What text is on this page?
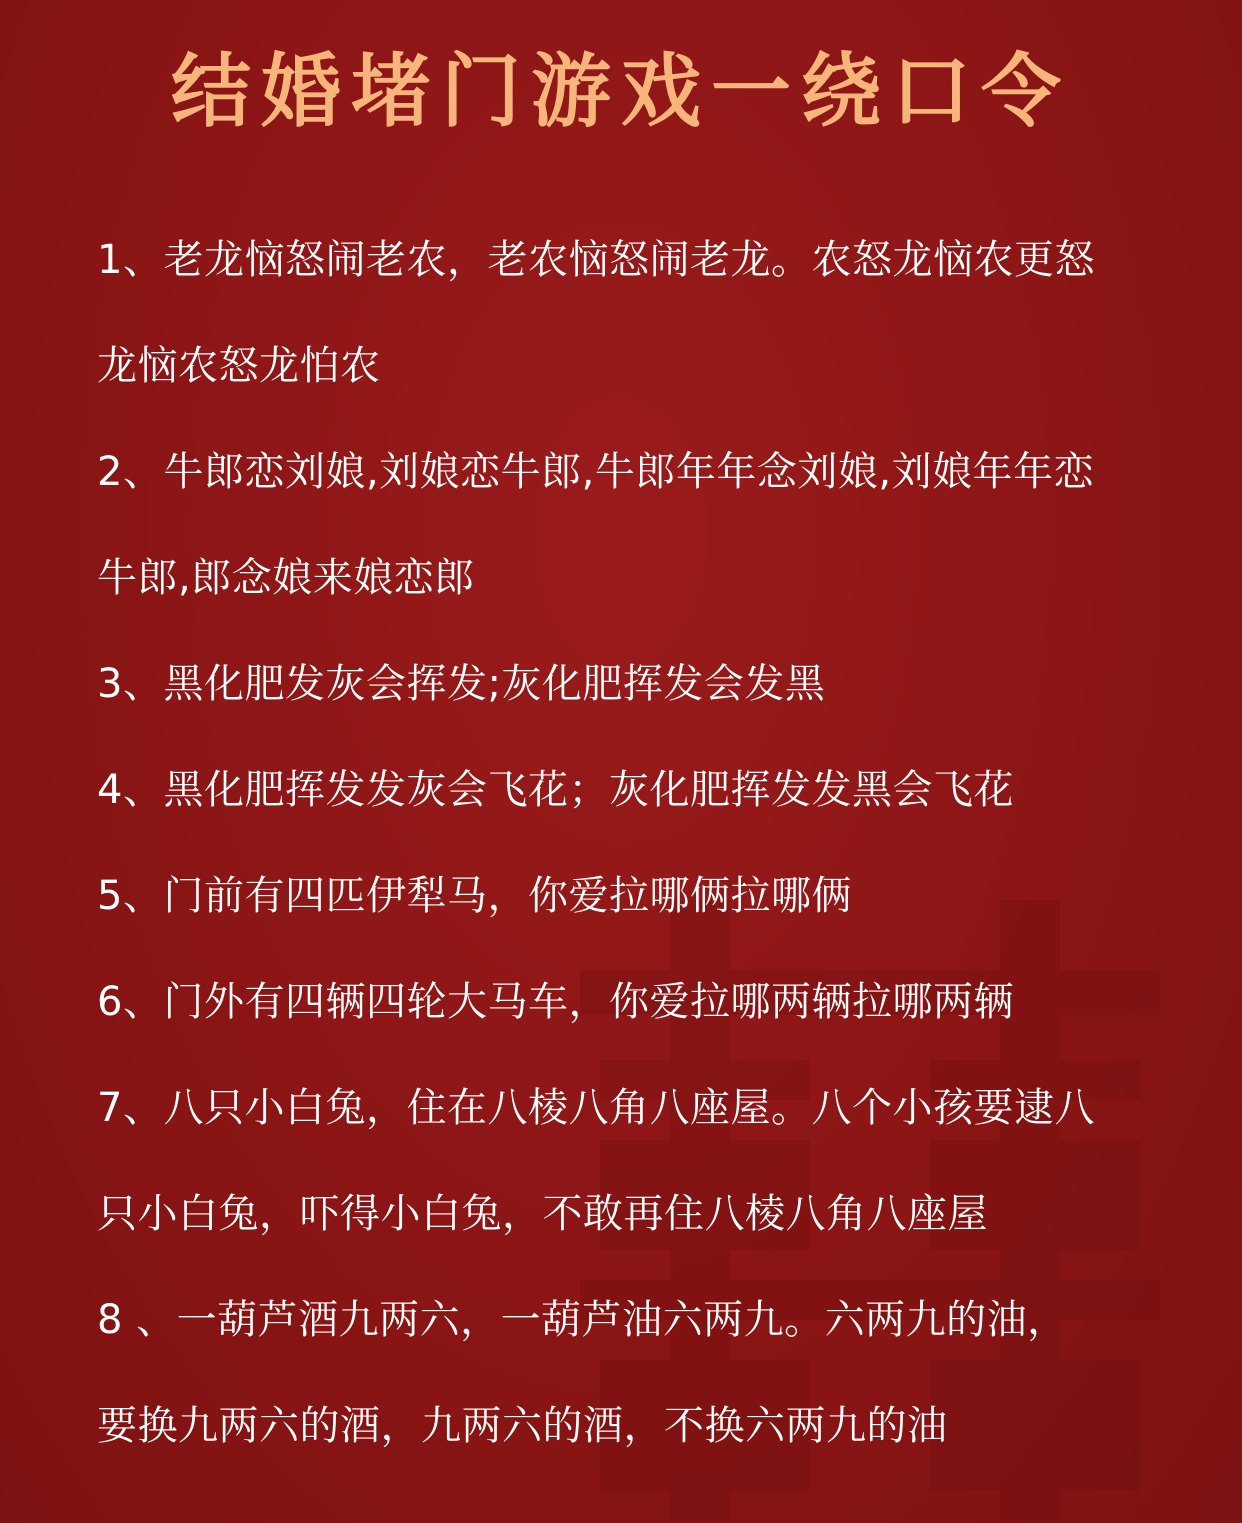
结婚堵门游戏一绕口令
1、老龙恼怒闹老农，老农恼怒闹老龙。农怒龙恼农更怒
龙恼农怒龙怕农
2、牛郎恋刘娘,刘娘恋牛郎,牛郎年年念刘娘,刘娘年年恋
牛郎,郎念娘来娘恋郎
3、黑化肥发灰会挥发;灰化肥挥发会发黑
4、黑化肥挥发发灰会飞花；灰化肥挥发发黑会飞花
5、门前有四匹伊犁马，你爱拉哪俩拉哪俩
6、门外有四辆四轮大马车，你爱拉哪两辆拉哪两辆
7、八只小白兔，住在八棱八角八座屋。八个小孩要逮八
只小白兔，吓得小白兔，不敢再住八棱八角八座屋
8 、一葫芦酒九两六，一葫芦油六两九。六两九的油，
要换九两六的酒，九两六的酒，不换六两九的油
